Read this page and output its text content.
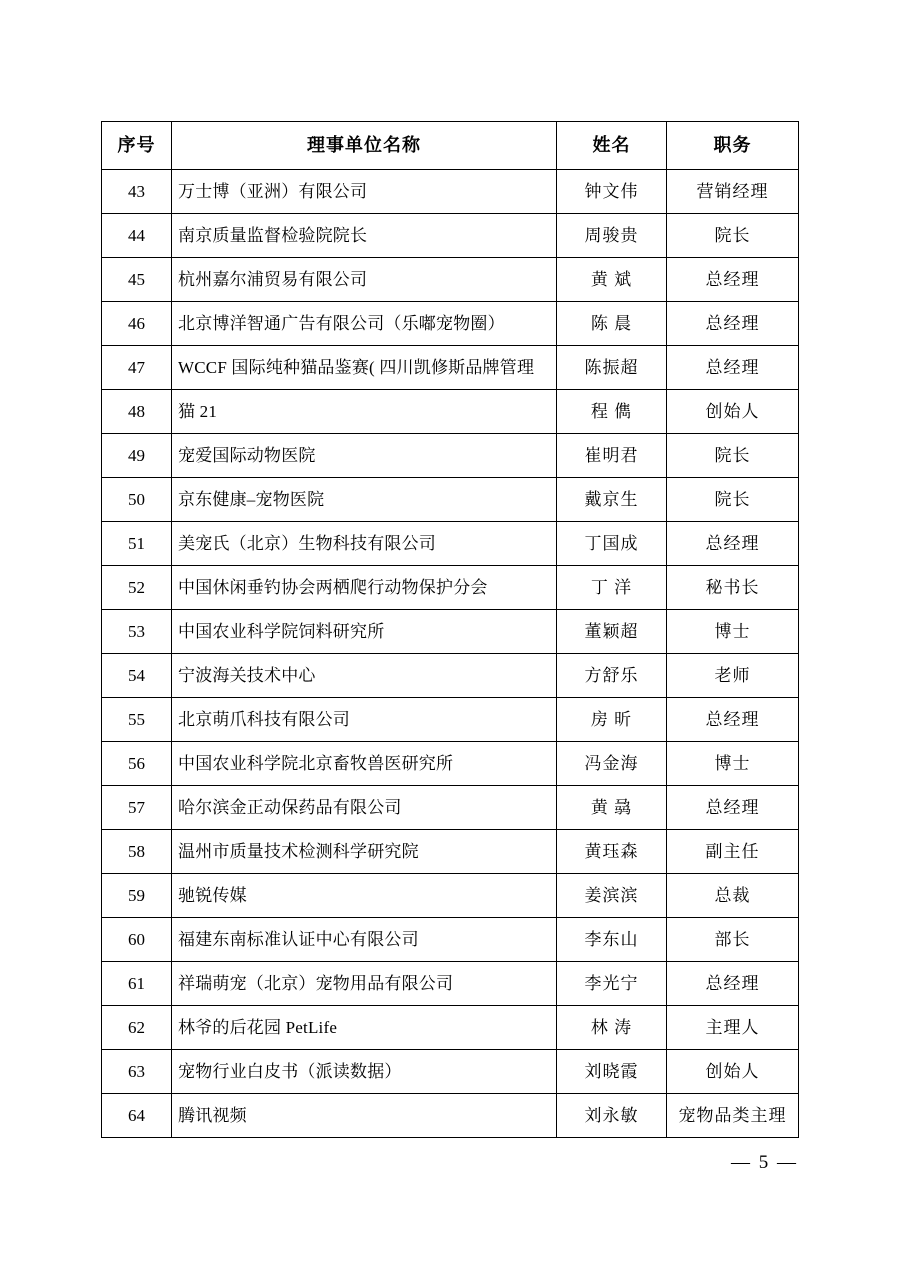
序号	理事单位名称	姓名	职务
43	万士博（亚洲）有限公司	钟文伟	营销经理
44	南京质量监督检验院院长	周骏贵	院长
45	杭州嘉尔浦贸易有限公司	黄 斌	总经理
46	北京博洋智通广告有限公司（乐嘟宠物圈）	陈 晨	总经理
47	WCCF 国际纯种猫品鉴赛( 四川凯修斯品牌管理	陈振超	总经理
48	猫 21	程 儁	创始人
49	宠爱国际动物医院	崔明君	院长
50	京东健康–宠物医院	戴京生	院长
51	美宠氏（北京）生物科技有限公司	丁国成	总经理
52	中国休闲垂钓协会两栖爬行动物保护分会	丁 洋	秘书长
53	中国农业科学院饲料研究所	董颖超	博士
54	宁波海关技术中心	方舒乐	老师
55	北京萌爪科技有限公司	房 昕	总经理
56	中国农业科学院北京畜牧兽医研究所	冯金海	博士
57	哈尔滨金正动保药品有限公司	黄 骉	总经理
58	温州市质量技术检测科学研究院	黄珏森	副主任
59	驰锐传媒	姜滨滨	总裁
60	福建东南标准认证中心有限公司	李东山	部长
61	祥瑞萌宠（北京）宠物用品有限公司	李光宁	总经理
62	林爷的后花园 PetLife	林 涛	主理人
63	宠物行业白皮书（派读数据）	刘晓霞	创始人
64	腾讯视频	刘永敏	宠物品类主理
— 5 —
